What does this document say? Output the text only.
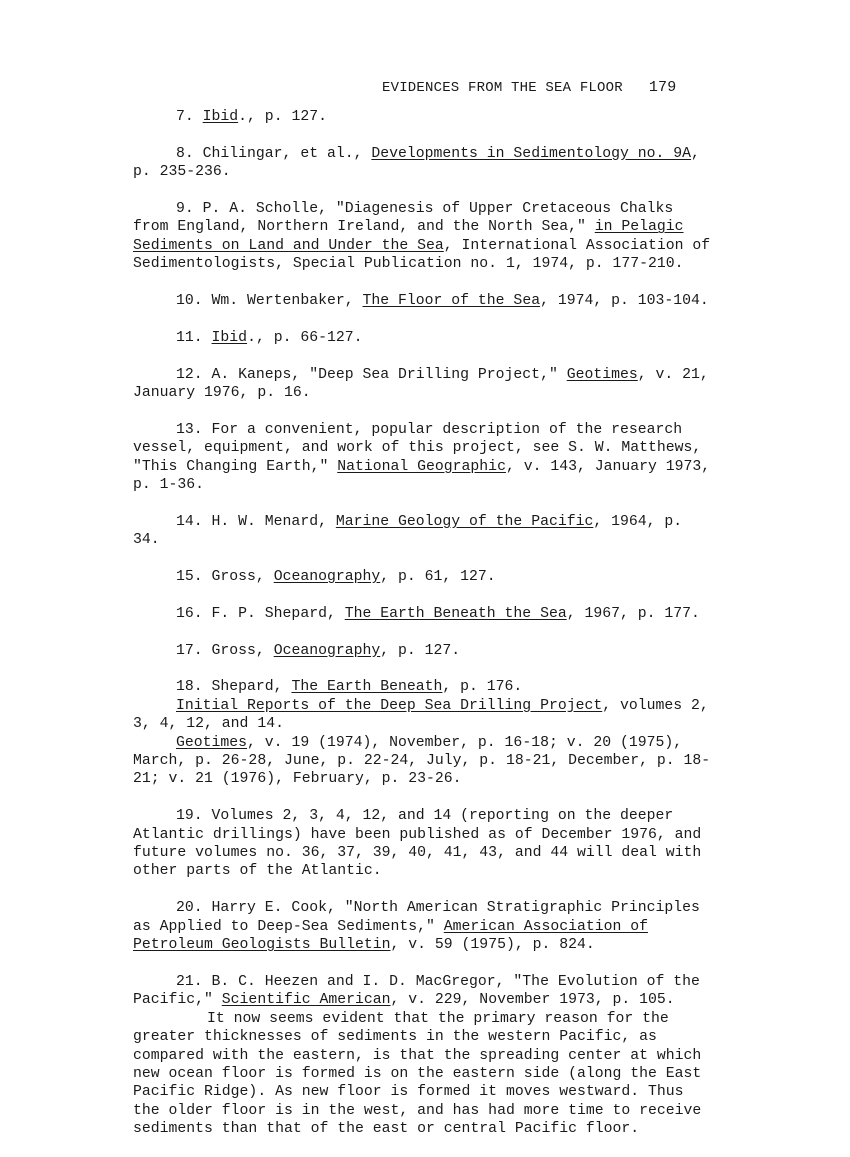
EVIDENCES FROM THE SEA FLOOR 179

7. Ibid., p. 127.

8. Chilingar, et al., Developments in Sedimentology no. 9A, p. 235-236.

9. P. A. Scholle, "Diagenesis of Upper Cretaceous Chalks from England, Northern Ireland, and the North Sea," in Pelagic Sediments on Land and Under the Sea, International Association of Sedimentologists, Special Publication no. 1, 1974, p. 177-210.

10. Wm. Wertenbaker, The Floor of the Sea, 1974, p. 103-104.

11. Ibid., p. 66-127.

12. A. Kaneps, "Deep Sea Drilling Project," Geotimes, v. 21, January 1976, p. 16.

13. For a convenient, popular description of the research vessel, equipment, and work of this project, see S. W. Matthews, "This Changing Earth," National Geographic, v. 143, January 1973, p. 1-36.

14. H. W. Menard, Marine Geology of the Pacific, 1964, p. 34.

15. Gross, Oceanography, p. 61, 127.

16. F. P. Shepard, The Earth Beneath the Sea, 1967, p. 177.

17. Gross, Oceanography, p. 127.

18. Shepard, The Earth Beneath, p. 176.

Initial Reports of the Deep Sea Drilling Project, volumes 2, 3, 4, 12, and 14.

Geotimes, v. 19 (1974), November, p. 16-18; v. 20 (1975), March, p. 26-28, June, p. 22-24, July, p. 18-21, December, p. 18-21; v. 21 (1976), February, p. 23-26.

19. Volumes 2, 3, 4, 12, and 14 (reporting on the deeper Atlantic drillings) have been published as of December 1976, and future volumes no. 36, 37, 39, 40, 41, 43, and 44 will deal with other parts of the Atlantic.

20. Harry E. Cook, "North American Stratigraphic Principles as Applied to Deep-Sea Sediments," American Association of Petroleum Geologists Bulletin, v. 59 (1975), p. 824.

21. B. C. Heezen and I. D. MacGregor, "The Evolution of the Pacific," Scientific American, v. 229, November 1973, p. 105.

It now seems evident that the primary reason for the greater thicknesses of sediments in the western Pacific, as compared with the eastern, is that the spreading center at which new ocean floor is formed is on the eastern side (along the East Pacific Ridge). As new floor is formed it moves westward. Thus the older floor is in the west, and has had more time to receive sediments than that of the east or central Pacific floor.
